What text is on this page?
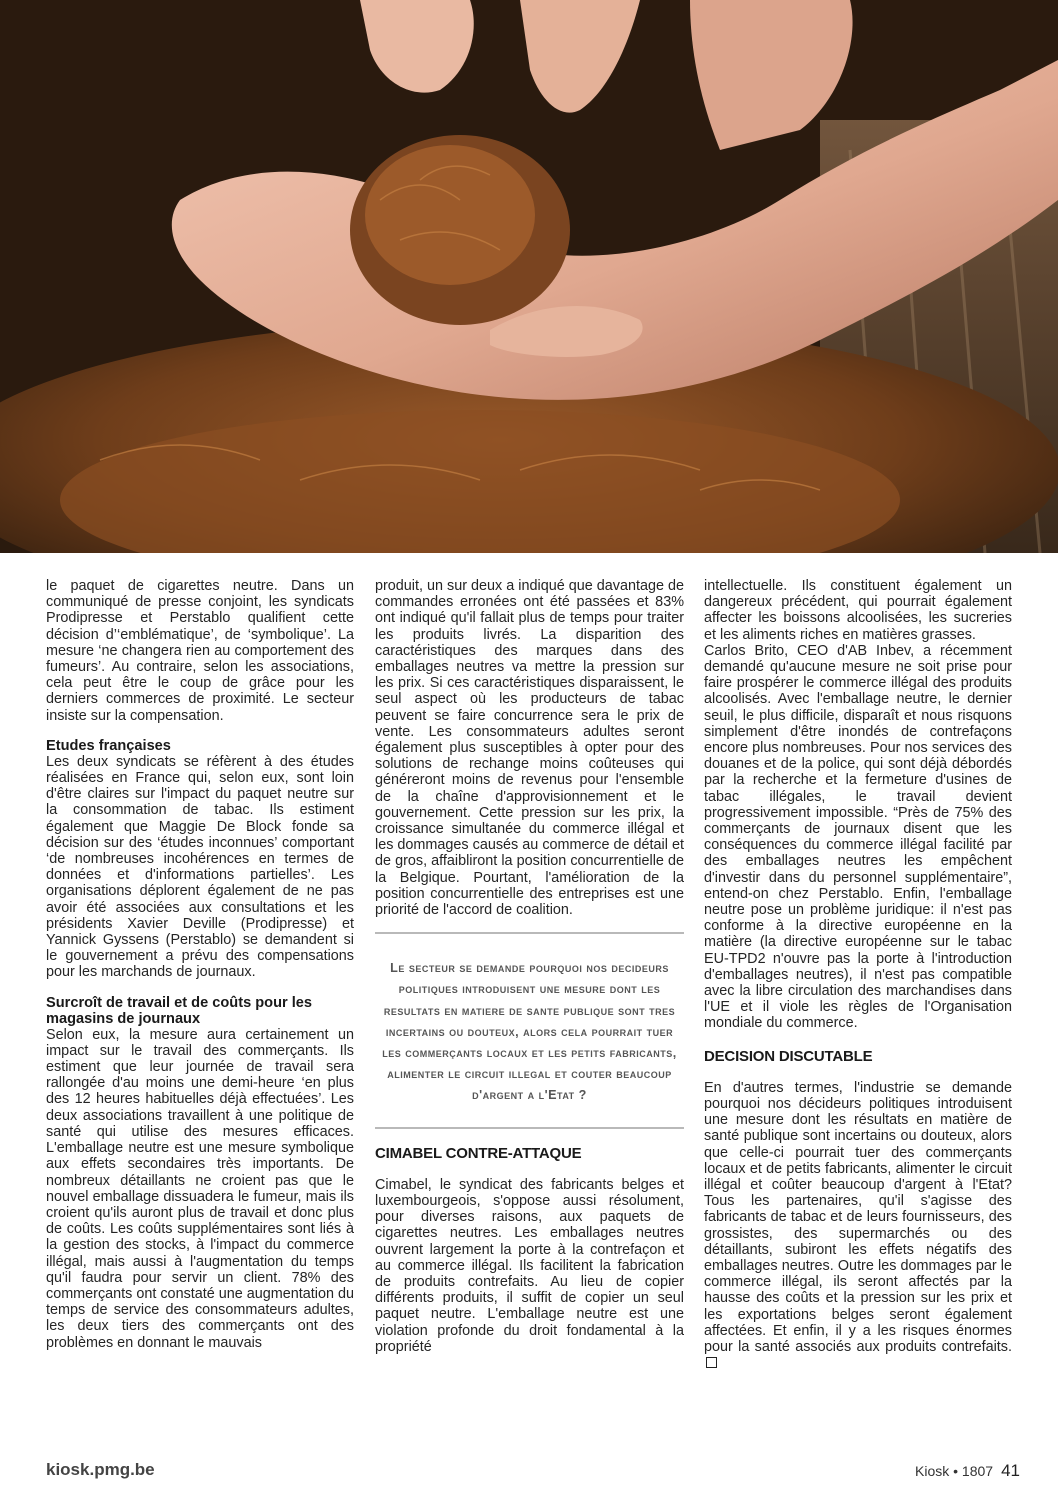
le paquet de cigarettes neutre. Dans un communiqué de presse conjoint, les syndicats Prodipresse et Perstablo qualifient cette décision d’‘emblématique’, de ‘symbolique’. La mesure ‘ne changera rien au comportement des fumeurs’. Au contraire, selon les associations, cela peut être le coup de grâce pour les derniers commerces de proximité. Le secteur insiste sur la compensation.

Etudes françaises

Les deux syndicats se réfèrent à des études réalisées en France qui, selon eux, sont loin d'être claires sur l'impact du paquet neutre sur la consommation de tabac. Ils estiment également que Maggie De Block fonde sa décision sur des ‘études inconnues’ comportant ‘de nombreuses incohérences en termes de données et d'informations partielles’. Les organisations déplorent également de ne pas avoir été associées aux consultations et les présidents Xavier Deville (Prodipresse) et Yannick Gyssens (Perstablo) se demandent si le gouvernement a prévu des compensations pour les marchands de journaux.

Surcroît de travail et de coûts pour les magasins de journaux

Selon eux, la mesure aura certainement un impact sur le travail des commerçants. Ils estiment que leur journée de travail sera rallongée d'au moins une demi-heure ‘en plus des 12 heures habituelles déjà effectuées’. Les deux associations travaillent à une politique de santé qui utilise des mesures efficaces. L'emballage neutre est une mesure symbolique aux effets secondaires très importants. De nombreux détaillants ne croient pas que le nouvel emballage dissuadera le fumeur, mais ils croient qu'ils auront plus de travail et donc plus de coûts. Les coûts supplémentaires sont liés à la gestion des stocks, à l'impact du commerce illégal, mais aussi à l'augmentation du temps qu'il faudra pour servir un client. 78% des commerçants ont constaté une augmentation du temps de service des consommateurs adultes, les deux tiers des commerçants ont des problèmes en donnant le mauvais

produit, un sur deux a indiqué que davantage de commandes erronées ont été passées et 83% ont indiqué qu'il fallait plus de temps pour traiter les produits livrés. La disparition des caractéristiques des marques dans des emballages neutres va mettre la pression sur les prix. Si ces caractéristiques disparaissent, le seul aspect où les producteurs de tabac peuvent se faire concurrence sera le prix de vente. Les consommateurs adultes seront également plus susceptibles à opter pour des solutions de rechange moins coûteuses qui généreront moins de revenus pour l'ensemble de la chaîne d'approvisionnement et le gouvernement. Cette pression sur les prix, la croissance simultanée du commerce illégal et les dommages causés au commerce de détail et de gros, affaibliront la position concurrentielle de la Belgique. Pourtant, l'amélioration de la position concurrentielle des entreprises est une priorité de l'accord de coalition.

Le secteur se demande pourquoi nos decideurs politiques introduisent une mesure dont les resultats en matiere de sante publique sont tres incertains ou douteux, alors cela pourrait tuer les commerçants locaux et les petits fabricants, alimenter le circuit illegal et couter beaucoup d'argent a l'Etat ?
CIMABEL CONTRE-ATTAQUE

Cimabel, le syndicat des fabricants belges et luxembourgeois, s'oppose aussi résolument, pour diverses raisons, aux paquets de cigarettes neutres. Les emballages neutres ouvrent largement la porte à la contrefaçon et au commerce illégal. Ils facilitent la fabrication de produits contrefaits. Au lieu de copier différents produits, il suffit de copier un seul paquet neutre. L'emballage neutre est une violation profonde du droit fondamental à la propriété

intellectuelle. Ils constituent également un dangereux précédent, qui pourrait également affecter les boissons alcoolisées, les sucreries et les aliments riches en matières grasses.

Carlos Brito, CEO d'AB Inbev, a récemment demandé qu'aucune mesure ne soit prise pour faire prospérer le commerce illégal des produits alcoolisés. Avec l'emballage neutre, le dernier seuil, le plus difficile, disparaît et nous risquons simplement d'être inondés de contrefaçons encore plus nombreuses. Pour nos services des douanes et de la police, qui sont déjà débordés par la recherche et la fermeture d'usines de tabac illégales, le travail devient progressivement impossible. “Près de 75% des commerçants de journaux disent que les conséquences du commerce illégal facilité par des emballages neutres les empêchent d'investir dans du personnel supplémentaire”, entend-on chez Perstablo. Enfin, l'emballage neutre pose un problème juridique: il n'est pas conforme à la directive européenne en la matière (la directive européenne sur le tabac EU-TPD2 n'ouvre pas la porte à l'introduction d'emballages neutres), il n'est pas compatible avec la libre circulation des marchandises dans l'UE et il viole les règles de l'Organisation mondiale du commerce.

DECISION DISCUTABLE

En d'autres termes, l'industrie se demande pourquoi nos décideurs politiques introduisent une mesure dont les résultats en matière de santé publique sont incertains ou douteux, alors que celle-ci pourrait tuer des commerçants locaux et de petits fabricants, alimenter le circuit illégal et coûter beaucoup d'argent à l'Etat? Tous les partenaires, qu'il s'agisse des fabricants de tabac et de leurs fournisseurs, des grossistes, des supermarchés ou des détaillants, subiront les effets négatifs des emballages neutres. Outre les dommages par le commerce illégal, ils seront affectés par la hausse des coûts et la pression sur les prix et les exportations belges seront également affectées. Et enfin, il y a les risques énormes pour la santé associés aux produits contrefaits.

kiosk.pmg.be	Kiosk • 1807 41
